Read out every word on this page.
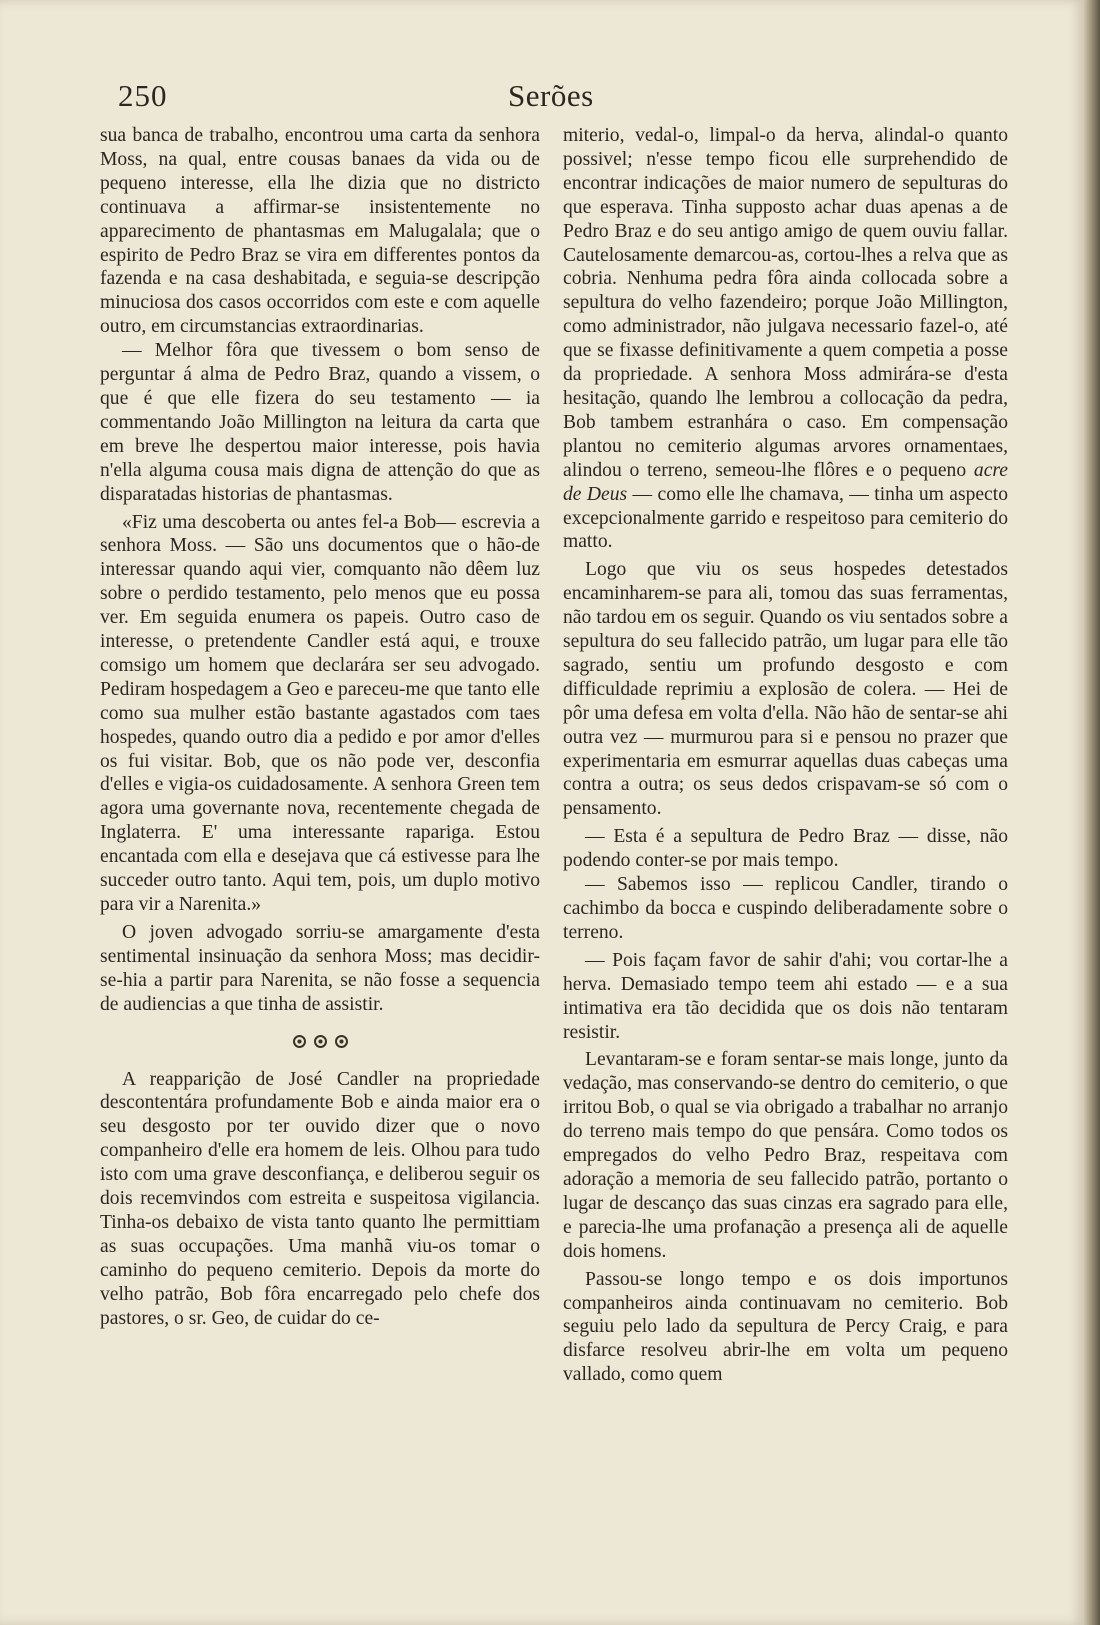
250	Serões

sua banca de trabalho, encontrou uma carta da senhora Moss, na qual, entre cousas banaes da vida ou de pequeno interesse, ella lhe dizia que no districto continuava a affirmar-se insistentemente no apparecimento de phantasmas em Malugalala; que o espirito de Pedro Braz se vira em differentes pontos da fazenda e na casa deshabitada, e seguia-se descripção minuciosa dos casos occorridos com este e com aquelle outro, em circumstancias extraordinarias.

— Melhor fôra que tivessem o bom senso de perguntar á alma de Pedro Braz, quando a vissem, o que é que elle fizera do seu testamento — ia commentando João Millington na leitura da carta que em breve lhe despertou maior interesse, pois havia n'ella alguma cousa mais digna de attenção do que as disparatadas historias de phantasmas.

«Fiz uma descoberta ou antes fel-a Bob— escrevia a senhora Moss. — São uns documentos que o hão-de interessar quando aqui vier, comquanto não dêem luz sobre o perdido testamento, pelo menos que eu possa ver. Em seguida enumera os papeis. Outro caso de interesse, o pretendente Candler está aqui, e trouxe comsigo um homem que declarára ser seu advogado. Pediram hospedagem a Geo e pareceu-me que tanto elle como sua mulher estão bastante agastados com taes hospedes, quando outro dia a pedido e por amor d'elles os fui visitar. Bob, que os não pode ver, desconfia d'elles e vigia-os cuidadosamente. A senhora Green tem agora uma governante nova, recentemente chegada de Inglaterra. E' uma interessante rapariga. Estou encantada com ella e desejava que cá estivesse para lhe succeder outro tanto. Aqui tem, pois, um duplo motivo para vir a Narenita.»

O joven advogado sorriu-se amargamente d'esta sentimental insinuação da senhora Moss; mas decidir-se-hia a partir para Narenita, se não fosse a sequencia de audiencias a que tinha de assistir.

A reapparição de José Candler na propriedade descontentára profundamente Bob e ainda maior era o seu desgosto por ter ouvido dizer que o novo companheiro d'elle era homem de leis. Olhou para tudo isto com uma grave desconfiança, e deliberou seguir os dois recemvindos com estreita e suspeitosa vigilancia. Tinha-os debaixo de vista tanto quanto lhe permittiam as suas occupações. Uma manhã viu-os tomar o caminho do pequeno cemiterio. Depois da morte do velho patrão, Bob fôra encarregado pelo chefe dos pastores, o sr. Geo, de cuidar do ce-

miterio, vedal-o, limpal-o da herva, alindal-o quanto possivel; n'esse tempo ficou elle surprehendido de encontrar indicações de maior numero de sepulturas do que esperava. Tinha supposto achar duas apenas a de Pedro Braz e do seu antigo amigo de quem ouviu fallar. Cautelosamente demarcou-as, cortou-lhes a relva que as cobria. Nenhuma pedra fôra ainda collocada sobre a sepultura do velho fazendeiro; porque João Millington, como administrador, não julgava necessario fazel-o, até que se fixasse definitivamente a quem competia a posse da propriedade. A senhora Moss admirára-se d'esta hesitação, quando lhe lembrou a collocação da pedra, Bob tambem estranhára o caso. Em compensação plantou no cemiterio algumas arvores ornamentaes, alindou o terreno, semeou-lhe flôres e o pequeno acre de Deus — como elle lhe chamava, — tinha um aspecto excepcionalmente garrido e respeitoso para cemiterio do matto.

Logo que viu os seus hospedes detestados encaminharem-se para ali, tomou das suas ferramentas, não tardou em os seguir. Quando os viu sentados sobre a sepultura do seu fallecido patrão, um lugar para elle tão sagrado, sentiu um profundo desgosto e com difficuldade reprimiu a explosão de colera. — Hei de pôr uma defesa em volta d'ella. Não hão de sentar-se ahi outra vez — murmurou para si e pensou no prazer que experimentaria em esmurrar aquellas duas cabeças uma contra a outra; os seus dedos crispavam-se só com o pensamento.

— Esta é a sepultura de Pedro Braz — disse, não podendo conter-se por mais tempo.

— Sabemos isso — replicou Candler, tirando o cachimbo da bocca e cuspindo deliberadamente sobre o terreno.

— Pois façam favor de sahir d'ahi; vou cortar-lhe a herva. Demasiado tempo teem ahi estado — e a sua intimativa era tão decidida que os dois não tentaram resistir.

Levantaram-se e foram sentar-se mais longe, junto da vedação, mas conservando-se dentro do cemiterio, o que irritou Bob, o qual se via obrigado a trabalhar no arranjo do terreno mais tempo do que pensára. Como todos os empregados do velho Pedro Braz, respeitava com adoração a memoria de seu fallecido patrão, portanto o lugar de descanço das suas cinzas era sagrado para elle, e parecia-lhe uma profanação a presença ali de aquelle dois homens.

Passou-se longo tempo e os dois importunos companheiros ainda continuavam no cemiterio. Bob seguiu pelo lado da sepultura de Percy Craig, e para disfarce resolveu abrir-lhe em volta um pequeno vallado, como quem
